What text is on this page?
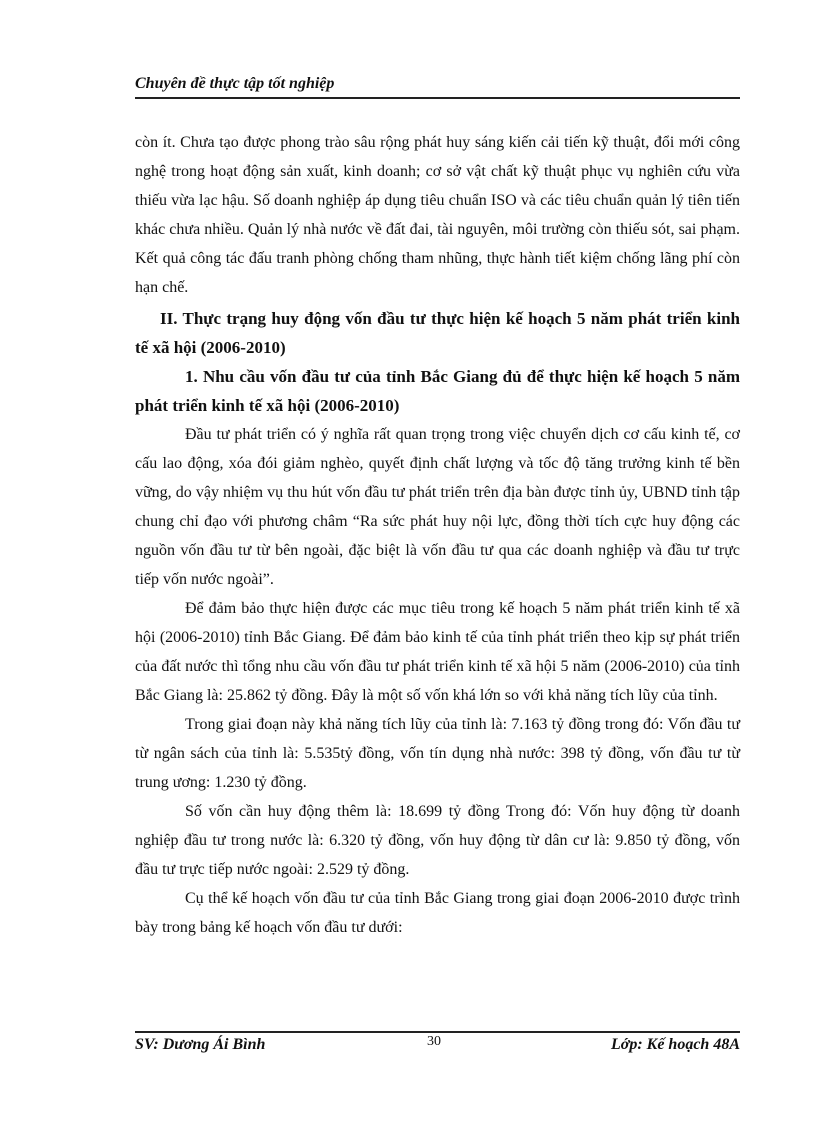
Chuyên đề thực tập tốt nghiệp

còn ít. Chưa tạo được phong trào sâu rộng phát huy sáng kiến cải tiến kỹ thuật, đổi mới công nghệ trong hoạt động sản xuất, kinh doanh; cơ sở vật chất kỹ thuật phục vụ nghiên cứu vừa thiếu vừa lạc hậu. Số doanh nghiệp áp dụng tiêu chuẩn ISO và các tiêu chuẩn quản lý tiên tiến khác chưa nhiều. Quản lý nhà nước về đất đai, tài nguyên, môi trường còn thiếu sót, sai phạm. Kết quả công tác đấu tranh phòng chống tham nhũng, thực hành tiết kiệm chống lãng phí còn hạn chế.

II. Thực trạng huy động vốn đầu tư thực hiện kế hoạch 5 năm phát triển kinh tế xã hội (2006-2010)
1. Nhu cầu vốn đầu tư của tỉnh Bắc Giang đủ để thực hiện kế hoạch 5 năm phát triển kinh tế xã hội (2006-2010)

Đầu tư phát triển có ý nghĩa rất quan trọng trong việc chuyển dịch cơ cấu kinh tế, cơ cấu lao động, xóa đói giảm nghèo, quyết định chất lượng và tốc độ tăng trưởng kinh tế bền vững, do vậy nhiệm vụ thu hút vốn đầu tư phát triển trên địa bàn được tỉnh ủy, UBND tỉnh tập chung chỉ đạo với phương châm “Ra sức phát huy nội lực, đồng thời tích cực huy động các nguồn vốn đầu tư từ bên ngoài, đặc biệt là vốn đầu tư qua các doanh nghiệp và đầu tư trực tiếp vốn nước ngoài”.

Để đảm bảo thực hiện được các mục tiêu trong kế hoạch 5 năm phát triển kinh tế xã hội (2006-2010) tỉnh Bắc Giang. Để đảm bảo kinh tế của tỉnh phát triển theo kịp sự phát triển của đất nước thì tổng nhu cầu vốn đầu tư phát triển kinh tế xã hội 5 năm (2006-2010) của tỉnh Bắc Giang là: 25.862 tỷ đồng. Đây là một số vốn khá lớn so với khả năng tích lũy của tỉnh.

Trong giai đoạn này khả năng tích lũy của tỉnh là: 7.163 tỷ đồng trong đó: Vốn đầu tư từ ngân sách của tỉnh là: 5.535tỷ đồng, vốn tín dụng nhà nước: 398 tỷ đồng, vốn đầu tư từ trung ương: 1.230 tỷ đồng.

Số vốn cần huy động thêm là: 18.699 tỷ đồng Trong đó: Vốn huy động từ doanh nghiệp đầu tư trong nước là: 6.320 tỷ đồng, vốn huy động từ dân cư là: 9.850 tỷ đồng, vốn đầu tư trực tiếp nước ngoài: 2.529 tỷ đồng.

Cụ thể kế hoạch vốn đầu tư của tỉnh Bắc Giang trong giai đoạn 2006-2010 được trình bày trong bảng kế hoạch vốn đầu tư dưới:

SV: Dương Ái Bình	30	Lớp: Kế hoạch 48A
